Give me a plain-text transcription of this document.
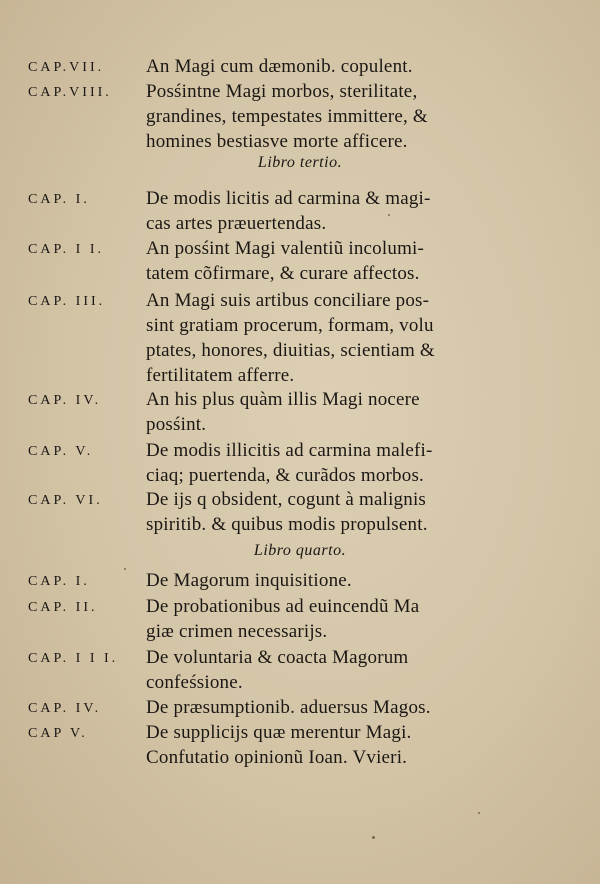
CAP.VII. An Magi cum dæmonib. copulent.
CAP.VIII. Posśintne Magi morbos, sterilitate,
grandines, tempestates immittere, &
homines bestiasve morte afficere.
Libro tertio.
CAP. I.	De modis licitis ad carmina & magi-
cas artes præuertendas.
CAP. I I. An posśint Magi valentiũ incolumi-
tatem cõfirmare, & curare affectos.
CAP. III. An Magi suis artibus conciliare pos-
sint gratiam procerum, formam, volu
ptates, honores, diuitias, scientiam &
fertilitatem afferre.
CAP. IV. An his plus quàm illis Magi nocere
posśint.
CAP. V.	De modis illicitis ad carmina malefi-
ciaq; puertenda, & curãdos morbos.
CAP. VI. De ijs q obsident, cogunt à malignis
spiritib. & quibus modis propulsent.
Libro quarto.
CAP. I.	De Magorum inquisitione.
CAP. II.	De probationibus ad euincendũ Ma
giæ crimen necessarijs.
CAP. I I I. De voluntaria & coacta Magorum
confeśsione.
CAP. IV. De præsumptionib. aduersus Magos.
CAP V.	De supplicijs quæ merentur Magi.
Confutatio opinionũ Ioan. Vvieri.
